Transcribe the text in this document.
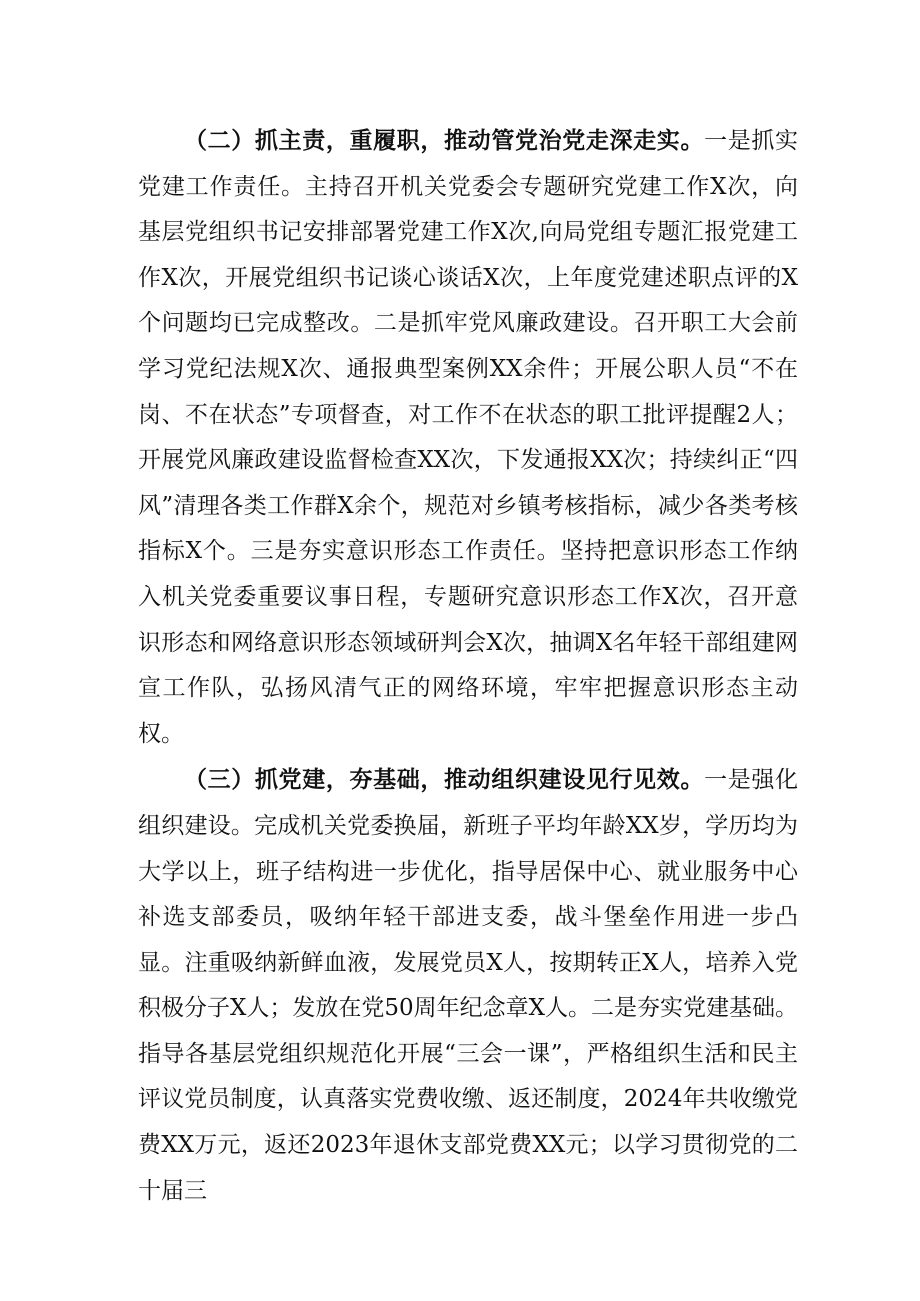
（二）抓主责，重履职，推动管党治党走深走实。一是抓实党建工作责任。主持召开机关党委会专题研究党建工作X次，向基层党组织书记安排部署党建工作X次,向局党组专题汇报党建工作X次，开展党组织书记谈心谈话X次，上年度党建述职点评的X个问题均已完成整改。二是抓牢党风廉政建设。召开职工大会前学习党纪法规X次、通报典型案例XX余件；开展公职人员“不在岗、不在状态”专项督查，对工作不在状态的职工批评提醒2人；开展党风廉政建设监督检查XX次，下发通报XX次；持续纠正“四风”清理各类工作群X余个，规范对乡镇考核指标，减少各类考核指标X个。三是夯实意识形态工作责任。坚持把意识形态工作纳入机关党委重要议事日程，专题研究意识形态工作X次，召开意识形态和网络意识形态领域研判会X次，抽调X名年轻干部组建网宣工作队，弘扬风清气正的网络环境，牢牢把握意识形态主动权。

（三）抓党建，夯基础，推动组织建设见行见效。一是强化组织建设。完成机关党委换届，新班子平均年龄XX岁，学历均为大学以上，班子结构进一步优化，指导居保中心、就业服务中心补选支部委员，吸纳年轻干部进支委，战斗堡垒作用进一步凸显。注重吸纳新鲜血液，发展党员X人，按期转正X人，培养入党积极分子X人；发放在党50周年纪念章X人。二是夯实党建基础。指导各基层党组织规范化开展“三会一课”，严格组织生活和民主评议党员制度，认真落实党费收缴、返还制度，2024年共收缴党费XX万元，返还2023年退休支部党费XX元；以学习贯彻党的二十届三
